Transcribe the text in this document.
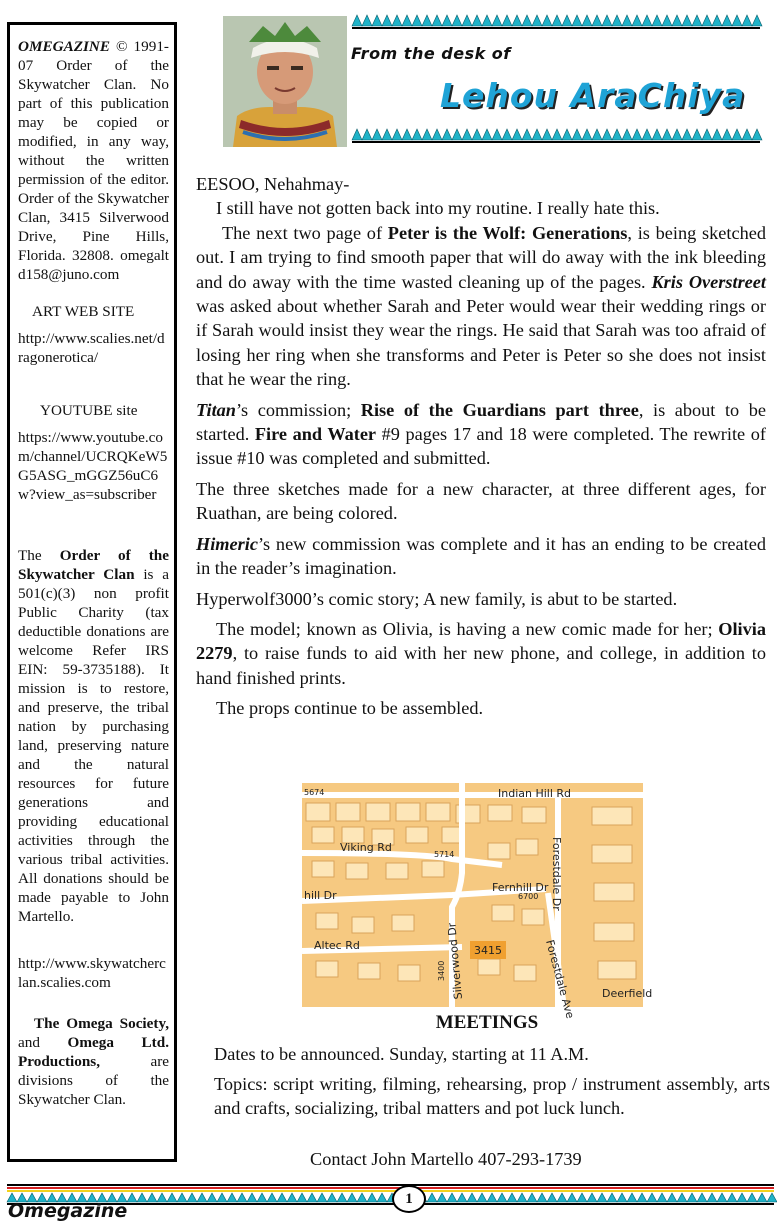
OMEGAZINE © 1991-07 Order of the Skywatcher Clan. No part of this publication may be copied or modified, in any way, without the written permission of the editor. Order of the Skywatcher Clan, 3415 Silverwood Drive, Pine Hills, Florida. 32808. omegaltd158@juno.com

ART WEB SITE

http://www.scalies.net/dragonerotica/

YOUTUBE site

https://www.youtube.com/channel/UCRQKeW5G5ASG_mGGZ56uC6w?view_as=subscriber

The Order of the Skywatcher Clan is a 501(c)(3) non profit Public Charity (tax deductible donations are welcome Refer IRS EIN: 59-3735188). It mission is to restore, and preserve, the tribal nation by purchasing land, preserving nature and the natural resources for future generations and providing educational activities through the various tribal activities. All donations should be made payable to John Martello.

http://www.skywatcherclan.scalies.com

The Omega Society, and Omega Ltd. Productions, are divisions of the Skywatcher Clan.

From the desk of
Lehou AraChiya

EESOO, Nehahmay-

I still have not gotten back into my routine. I really hate this.

The next two page of Peter is the Wolf: Generations, is being sketched out. I am trying to find smooth paper that will do away with the ink bleeding and do away with the time wasted cleaning up of the pages. Kris Overstreet was asked about whether Sarah and Peter would wear their wedding rings or if Sarah would insist they wear the rings. He said that Sarah was too afraid of losing her ring when she transforms and Peter is Peter so she does not insist that he wear the ring.

Titan’s commission; Rise of the Guardians part three, is about to be started. Fire and Water #9 pages 17 and 18 were completed. The rewrite of issue #10 was completed and submitted.

The three sketches made for a new character, at three different ages, for Ruathan, are being colored.

Himeric’s new commission was complete and it has an ending to be created in the reader’s imagination.

Hyperwolf3000’s comic story; A new family, is abut to be started.

The model; known as Olivia, is having a new comic made for her; Olivia 2279, to raise funds to aid with her new phone, and college, in addition to hand finished prints.

The props continue to be assembled.

3415
Indian Hill Rd
Viking Rd
Fernhill Dr
Altec Rd
Deerfield
hill Dr
5674
5714
6700
3400
Forestdale Dr
Forestdale Ave
Silverwood Dr
MEETINGS
Dates to be announced. Sunday, starting at 11 A.M.
Topics: script writing, filming, rehearsing, prop / instrument assembly, arts and crafts, socializing, tribal matters and pot luck lunch.
Contact John Martello 407-293-1739
1
Omegazine
